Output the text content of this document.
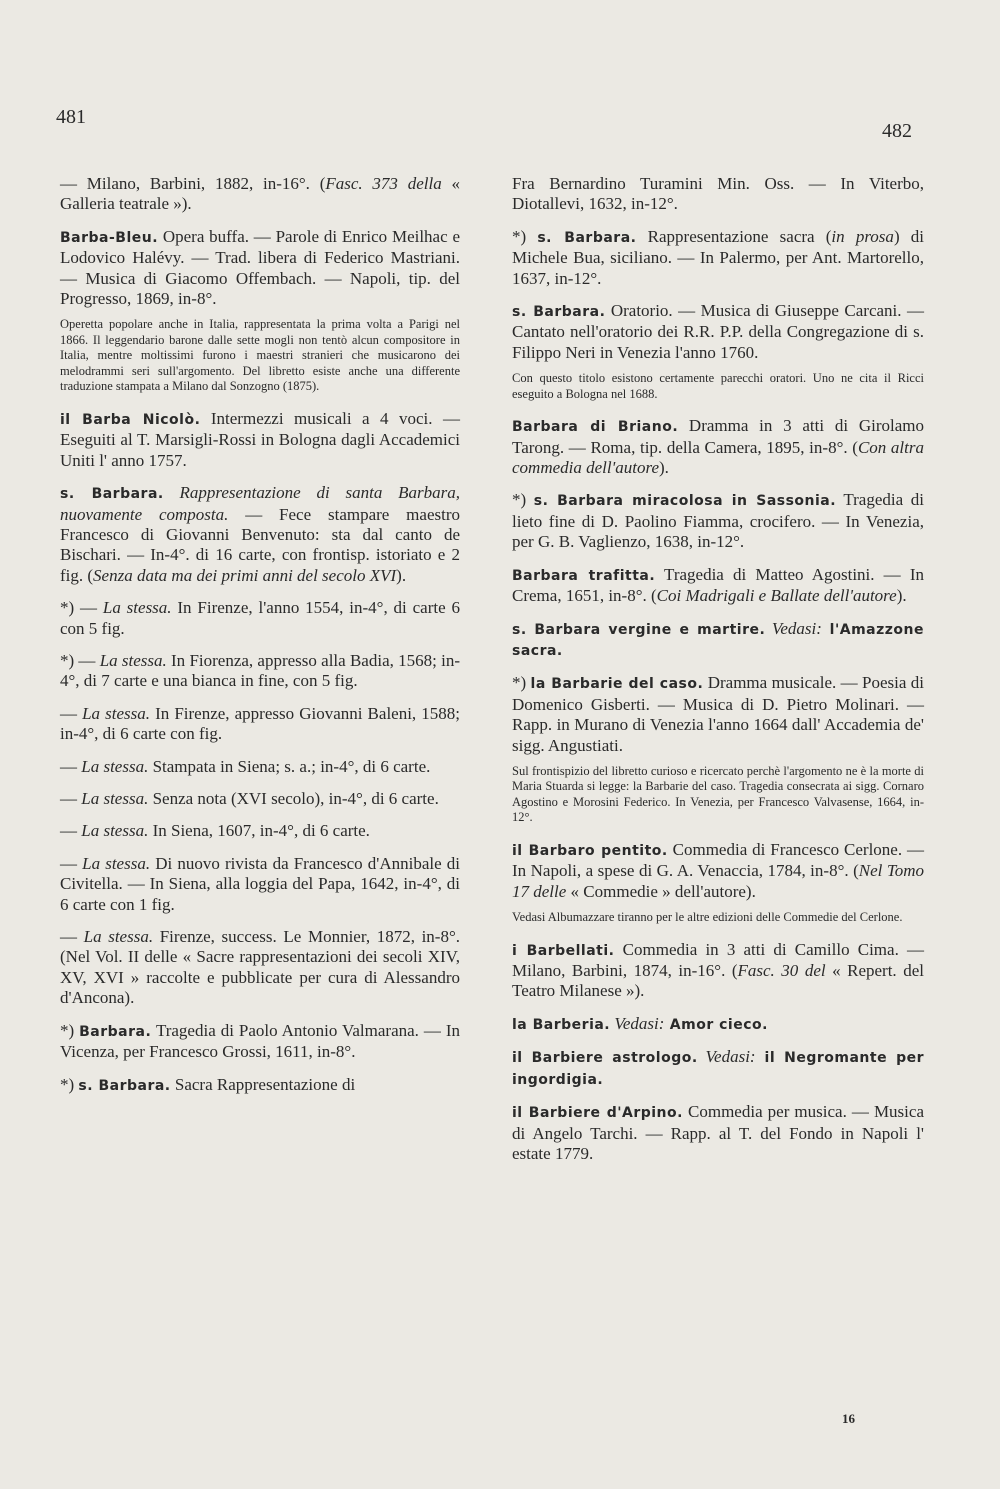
481
482
— Milano, Barbini, 1882, in-16°. (Fasc. 373 della « Galleria teatrale »).
Barba-Bleu. Opera buffa. — Parole di Enrico Meilhac e Lodovico Halévy. — Trad. libera di Federico Mastriani. — Musica di Giacomo Offembach. — Napoli, tip. del Progresso, 1869, in-8°.
Operetta popolare anche in Italia, rappresentata la prima volta a Parigi nel 1866. Il leggendario barone dalle sette mogli non tentò alcun compositore in Italia, mentre moltissimi furono i maestri stranieri che musicarono dei melodrammi seri sull'argomento. Del libretto esiste anche una differente traduzione stampata a Milano dal Sonzogno (1875).
il Barba Nicolò. Intermezzi musicali a 4 voci. — Eseguiti al T. Marsigli-Rossi in Bologna dagli Accademici Uniti l' anno 1757.
s. Barbara. Rappresentazione di santa Barbara, nuovamente composta. — Fece stampare maestro Francesco di Giovanni Benvenuto: sta dal canto de Bischari. — In-4°. di 16 carte, con frontisp. istoriato e 2 fig. (Senza data ma dei primi anni del secolo XVI).
*) — La stessa. In Firenze, l'anno 1554, in-4°, di carte 6 con 5 fig.
*) — La stessa. In Fiorenza, appresso alla Badia, 1568; in-4°, di 7 carte e una bianca in fine, con 5 fig.
— La stessa. In Firenze, appresso Giovanni Baleni, 1588; in-4°, di 6 carte con fig.
— La stessa. Stampata in Siena; s. a.; in-4°, di 6 carte.
— La stessa. Senza nota (XVI secolo), in-4°, di 6 carte.
— La stessa. In Siena, 1607, in-4°, di 6 carte.
— La stessa. Di nuovo rivista da Francesco d'Annibale di Civitella. — In Siena, alla loggia del Papa, 1642, in-4°, di 6 carte con 1 fig.
— La stessa. Firenze, success. Le Monnier, 1872, in-8°. (Nel Vol. II delle « Sacre rappresentazioni dei secoli XIV, XV, XVI » raccolte e pubblicate per cura di Alessandro d'Ancona).
*) Barbara. Tragedia di Paolo Antonio Valmarana. — In Vicenza, per Francesco Grossi, 1611, in-8°.
*) s. Barbara. Sacra Rappresentazione di
Fra Bernardino Turamini Min. Oss. — In Viterbo, Diotallevi, 1632, in-12°.
*) s. Barbara. Rappresentazione sacra (in prosa) di Michele Bua, siciliano. — In Palermo, per Ant. Martorello, 1637, in-12°.
s. Barbara. Oratorio. — Musica di Giuseppe Carcani. — Cantato nell'oratorio dei R.R. P.P. della Congregazione di s. Filippo Neri in Venezia l'anno 1760.
Con questo titolo esistono certamente parecchi oratori. Uno ne cita il Ricci eseguito a Bologna nel 1688.
Barbara di Briano. Dramma in 3 atti di Girolamo Tarong. — Roma, tip. della Camera, 1895, in-8°. (Con altra commedia dell'autore).
*) s. Barbara miracolosa in Sassonia. Tragedia di lieto fine di D. Paolino Fiamma, crocifero. — In Venezia, per G. B. Vaglienzo, 1638, in-12°.
Barbara trafitta. Tragedia di Matteo Agostini. — In Crema, 1651, in-8°. (Coi Madrigali e Ballate dell'autore).
s. Barbara vergine e martire. Vedasi: l'Amazzone sacra.
*) la Barbarie del caso. Dramma musicale. — Poesia di Domenico Gisberti. — Musica di D. Pietro Molinari. — Rapp. in Murano di Venezia l'anno 1664 dall' Accademia de' sigg. Angustiati.
Sul frontispizio del libretto curioso e ricercato perchè l'argomento ne è la morte di Maria Stuarda si legge: la Barbarie del caso. Tragedia consecrata ai sigg. Cornaro Agostino e Morosini Federico. In Venezia, per Francesco Valvasense, 1664, in-12°.
il Barbaro pentito. Commedia di Francesco Cerlone. — In Napoli, a spese di G. A. Venaccia, 1784, in-8°. (Nel Tomo 17 delle « Commedie » dell'autore).
Vedasi Albumazzare tiranno per le altre edizioni delle Commedie del Cerlone.
i Barbellati. Commedia in 3 atti di Camillo Cima. — Milano, Barbini, 1874, in-16°. (Fasc. 30 del « Repert. del Teatro Milanese »).
la Barberia. Vedasi: Amor cieco.
il Barbiere astrologo. Vedasi: il Negromante per ingordigia.
il Barbiere d'Arpino. Commedia per musica. — Musica di Angelo Tarchi. — Rapp. al T. del Fondo in Napoli l' estate 1779.
16
